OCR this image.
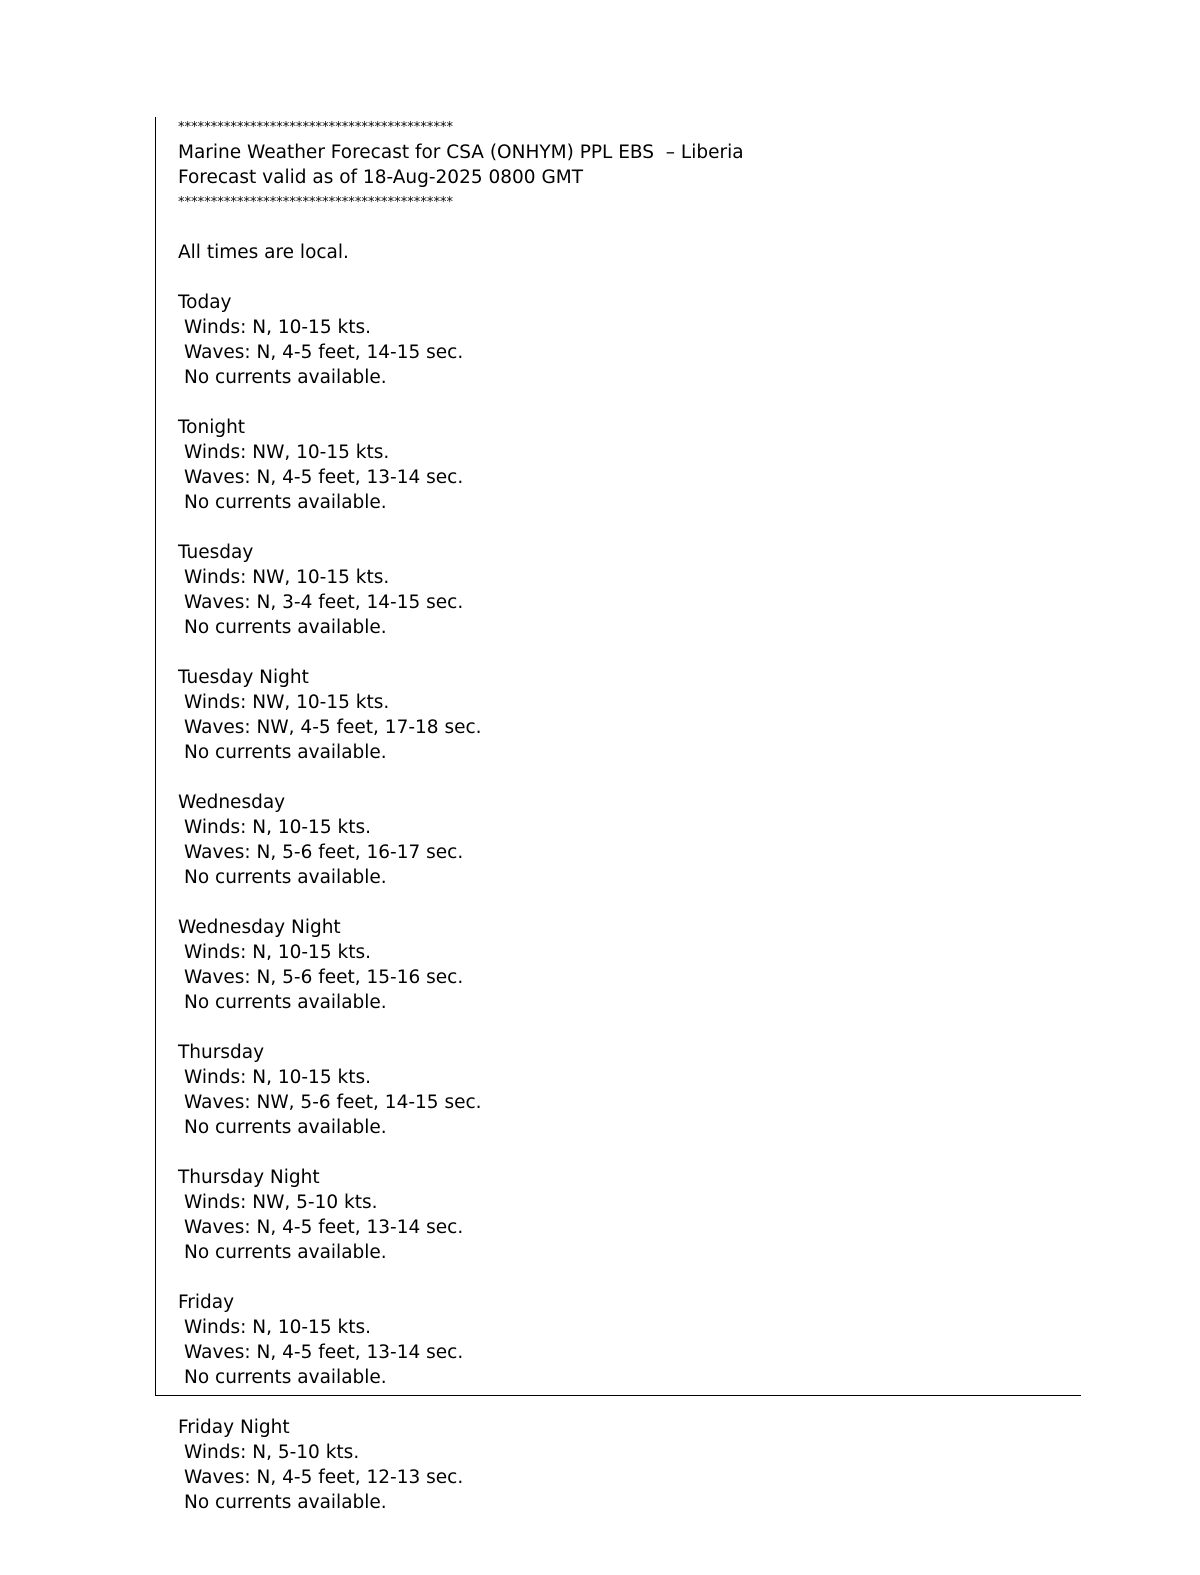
******************************************
Marine Weather Forecast for CSA (ONHYM) PPL EBS  – Liberia
Forecast valid as of 18-Aug-2025 0800 GMT
******************************************
All times are local.
Today
Winds: N, 10-15 kts.
Waves: N, 4-5 feet, 14-15 sec.
No currents available.
Tonight
Winds: NW, 10-15 kts.
Waves: N, 4-5 feet, 13-14 sec.
No currents available.
Tuesday
Winds: NW, 10-15 kts.
Waves: N, 3-4 feet, 14-15 sec.
No currents available.
Tuesday Night
Winds: NW, 10-15 kts.
Waves: NW, 4-5 feet, 17-18 sec.
No currents available.
Wednesday
Winds: N, 10-15 kts.
Waves: N, 5-6 feet, 16-17 sec.
No currents available.
Wednesday Night
Winds: N, 10-15 kts.
Waves: N, 5-6 feet, 15-16 sec.
No currents available.
Thursday
Winds: N, 10-15 kts.
Waves: NW, 5-6 feet, 14-15 sec.
No currents available.
Thursday Night
Winds: NW, 5-10 kts.
Waves: N, 4-5 feet, 13-14 sec.
No currents available.
Friday
Winds: N, 10-15 kts.
Waves: N, 4-5 feet, 13-14 sec.
No currents available.
Friday Night
Winds: N, 5-10 kts.
Waves: N, 4-5 feet, 12-13 sec.
No currents available.
